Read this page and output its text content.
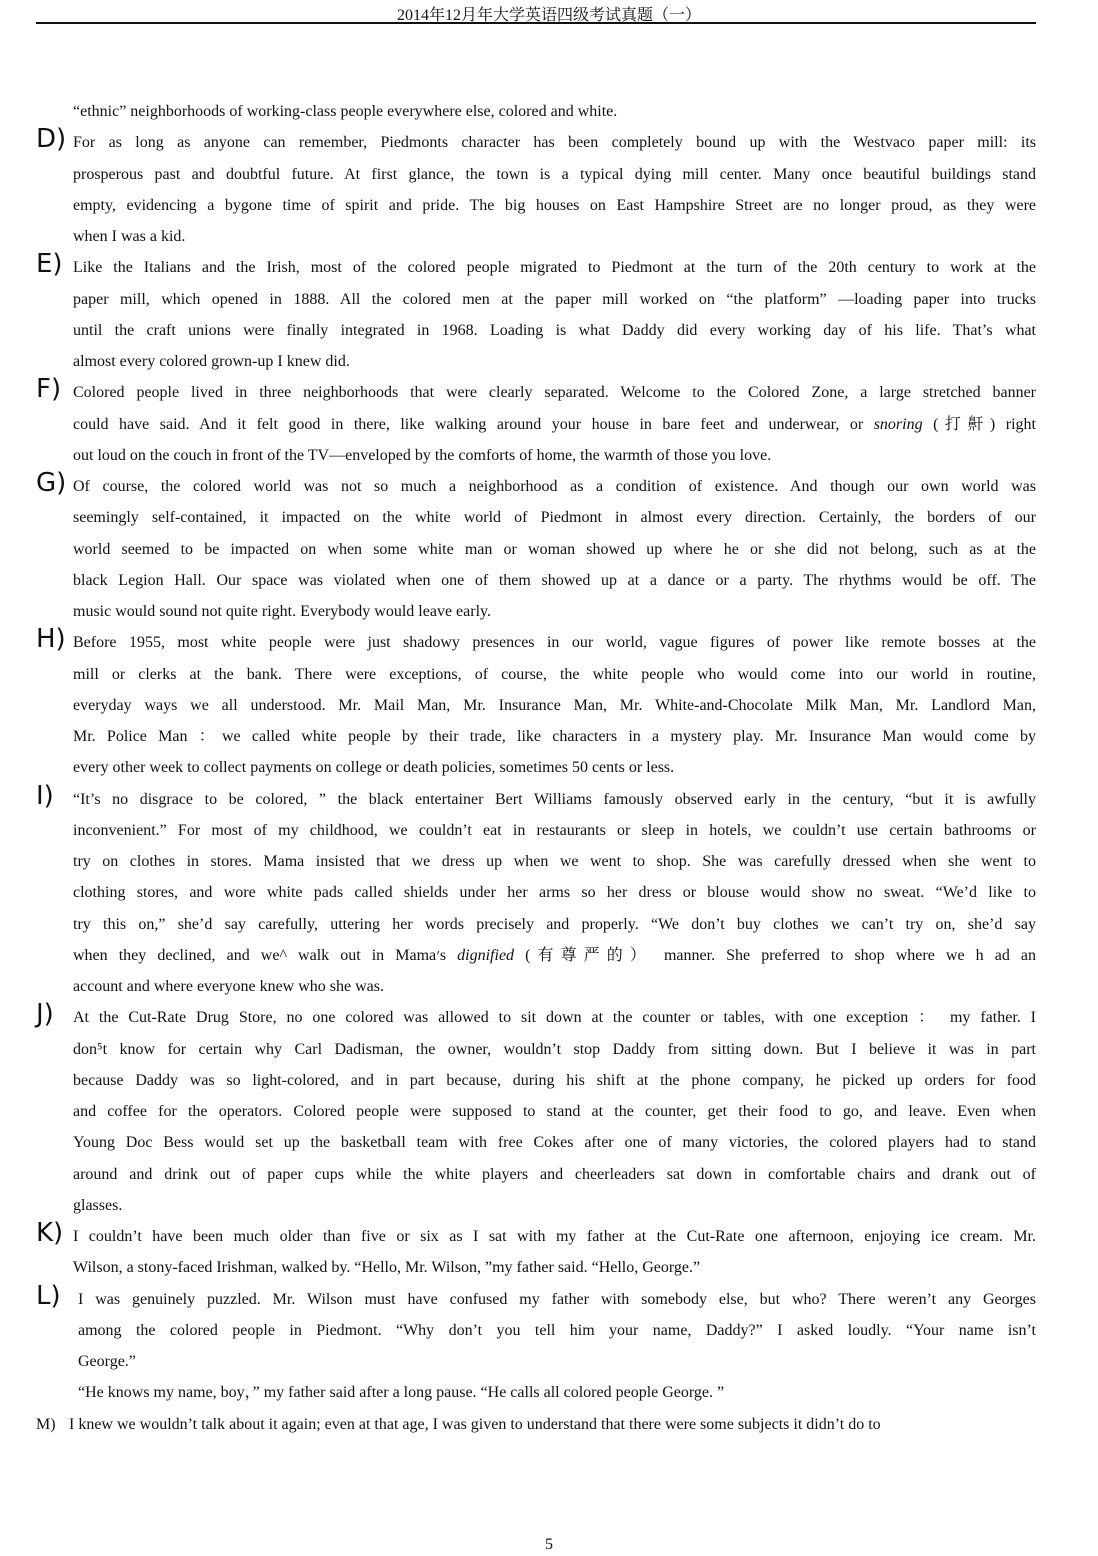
2014年12月年大学英语四级考试真题（一）
“ethnic” neighborhoods of working-class people everywhere else, colored and white.
D) For as long as anyone can remember, Piedmonts character has been completely bound up with the Westvaco paper mill: its
prosperous past and doubtful future. At first glance, the town is a typical dying mill center. Many once beautiful buildings stand
empty, evidencing a bygone time of spirit and pride. The big houses on East Hampshire Street are no longer proud, as they were
when I was a kid.
E) Like the Italians and the Irish, most of the colored people migrated to Piedmont at the turn of the 20th century to work at the
paper mill, which opened in 1888. All the colored men at the paper mill worked on “the platform” —loading paper into trucks
until the craft unions were finally integrated in 1968. Loading is what Daddy did every working day of his life. That’s what
almost every colored grown-up I knew did.
F) Colored people lived in three neighborhoods that were clearly separated. Welcome to the Colored Zone, a large stretched banner
could have said. And it felt good in there, like walking around your house in bare feet and underwear, or snoring (打鼾) right
out loud on the couch in front of the TV—enveloped by the comforts of home, the warmth of those you love.
G) Of course, the colored world was not so much a neighborhood as a condition of existence. And though our own world was
seemingly self-contained, it impacted on the white world of Piedmont in almost every direction. Certainly, the borders of our
world seemed to be impacted on when some white man or woman showed up where he or she did not belong, such as at the
black Legion Hall. Our space was violated when one of them showed up at a dance or a party. The rhythms would be off. The
music would sound not quite right. Everybody would leave early.
H) Before 1955, most white people were just shadowy presences in our world, vague figures of power like remote bosses at the
mill or clerks at the bank. There were exceptions, of course, the white people who would come into our world in routine,
everyday ways we all understood. Mr. Mail Man, Mr. Insurance Man, Mr. White-and-Chocolate Milk Man, Mr. Landlord Man,
Mr. Police Man ：we called white people by their trade, like characters in a mystery play. Mr. Insurance Man would come by
every other week to collect payments on college or death policies, sometimes 50 cents or less.
I) “It’s no disgrace to be colored, ” the black entertainer Bert Williams famously observed early in the century, “but it is awfully
inconvenient.” For most of my childhood, we couldn’t eat in restaurants or sleep in hotels, we couldn’t use certain bathrooms or
try on clothes in stores. Mama insisted that we dress up when we went to shop. She was carefully dressed when she went to
clothing stores, and wore white pads called shields under her arms so her dress or blouse would show no sweat. “We’d like to
try this on,” she’d say carefully, uttering her words precisely and properly. “We don’t buy clothes we can’t try on, she’d say
when they declined, and we^ walk out in Mama׳s dignified (有尊严的） manner. She preferred to shop where we h ad an
account and where everyone knew who she was.
J) At the Cut-Rate Drug Store, no one colored was allowed to sit down at the counter or tables, with one exception ： my father. I
don⁵t know for certain why Carl Dadisman, the owner, wouldn’t stop Daddy from sitting down. But I believe it was in part
because Daddy was so light-colored, and in part because, during his shift at the phone company, he picked up orders for food
and coffee for the operators. Colored people were supposed to stand at the counter, get their food to go, and leave. Even when
Young Doc Bess would set up the basketball team with free Cokes after one of many victories, the colored players had to stand
around and drink out of paper cups while the white players and cheerleaders sat down in comfortable chairs and drank out of
glasses.
K) I couldn’t have been much older than five or six as I sat with my father at the Cut-Rate one afternoon, enjoying ice cream. Mr.
Wilson, a stony-faced Irishman, walked by. “Hello, Mr. Wilson, ”my father said. “Hello, George.”
L) I was genuinely puzzled. Mr. Wilson must have confused my father with somebody else, but who? There weren’t any Georges
among the colored people in Piedmont. “Why don’t you tell him your name, Daddy?” I asked loudly. “Your name isn’t
George.”
“He knows my name, boy，” my father said after a long pause. “He calls all colored people George. ”
M) I knew we wouldn’t talk about it again; even at that age, I was given to understand that there were some subjects it didn’t do to
5
